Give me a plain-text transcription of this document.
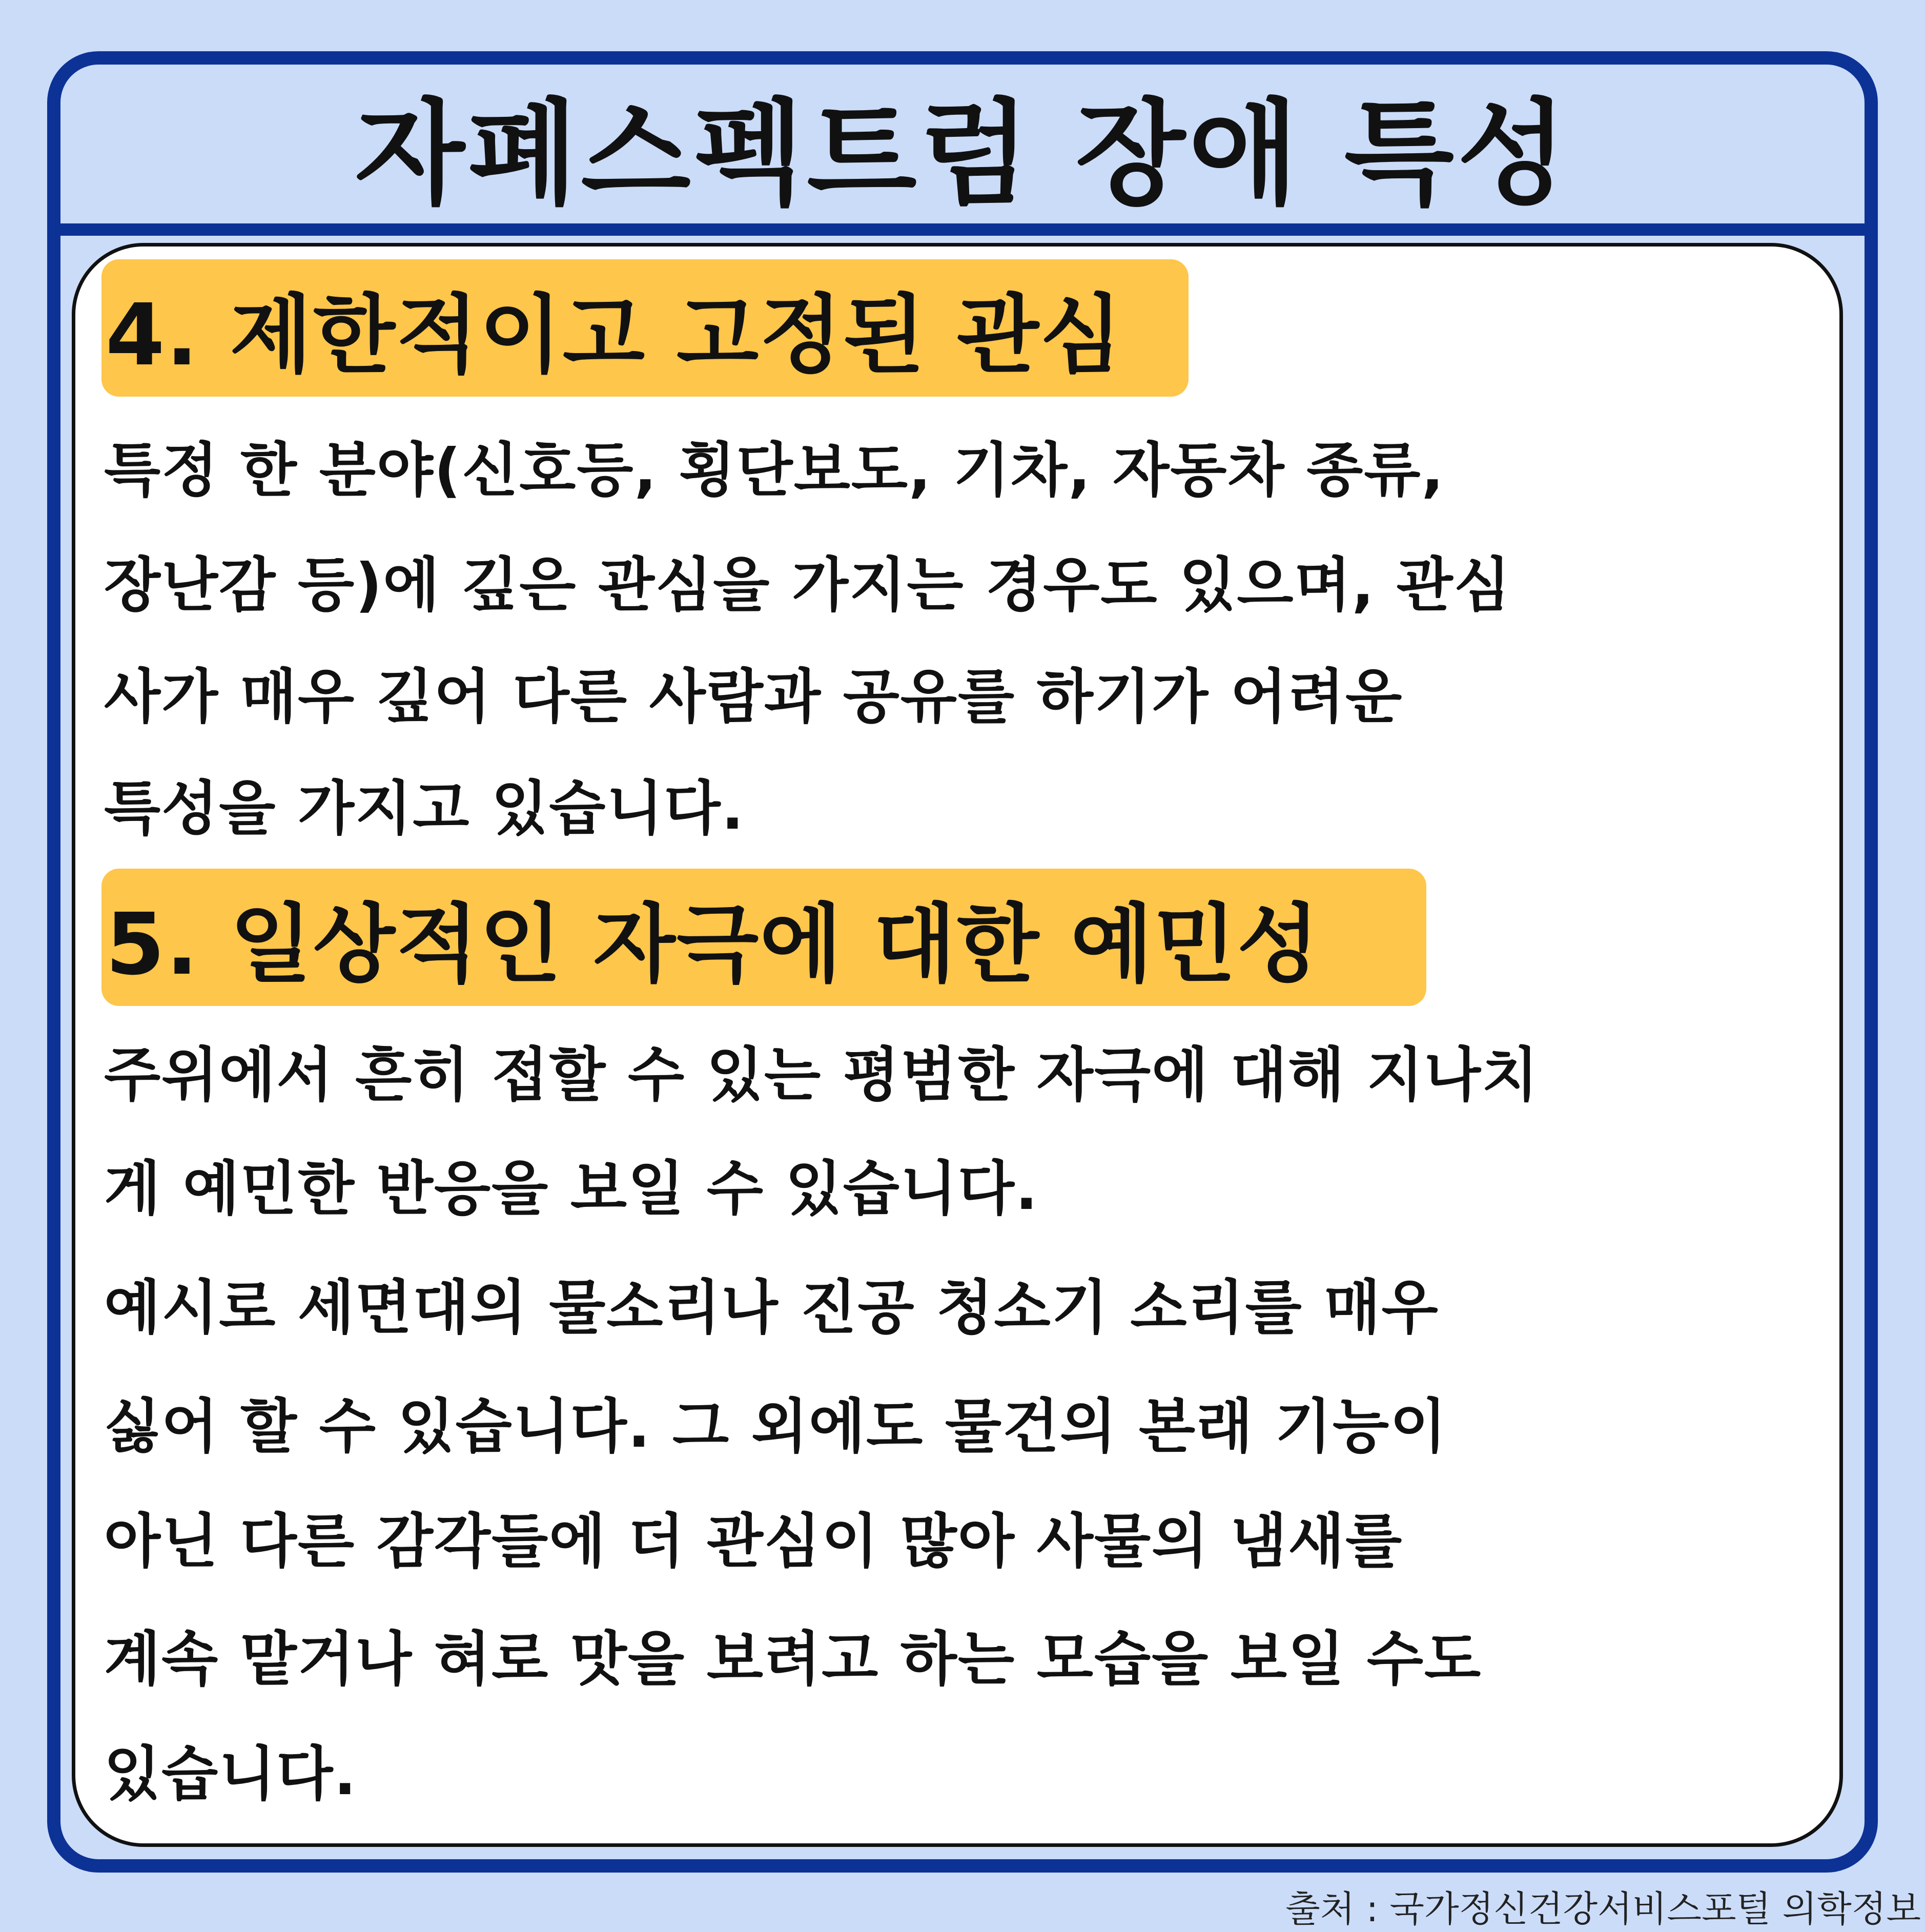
자폐스펙트럼 장애 특성
4. 제한적이고 고정된 관심
특정 한 분야(신호등, 횡단보도, 기차, 자동차 종류,
장난감 등)에 깊은 관심을 가지는 경우도 있으며, 관심
사가 매우 깊어 다른 사람과 공유를 하기가 어려운
특성을 가지고 있습니다.
5. 일상적인 자극에 대한 예민성
주위에서 흔히 접할 수 있는 평범한 자극에 대해 지나치
게 예민한 반응을 보일 수 있습니다.
예시로 세면대의 물소리나 진공 청소기 소리를 매우
싫어 할 수 있습니다. 그 외에도 물건의 본래 기능이
아닌 다른 감각들에 더 관심이 많아 사물의 냄새를
계속 맡거나 혀로 맛을 보려고 하는 모습을 보일 수도
있습니다.
출처 : 국가정신건강서비스포털 의학정보
